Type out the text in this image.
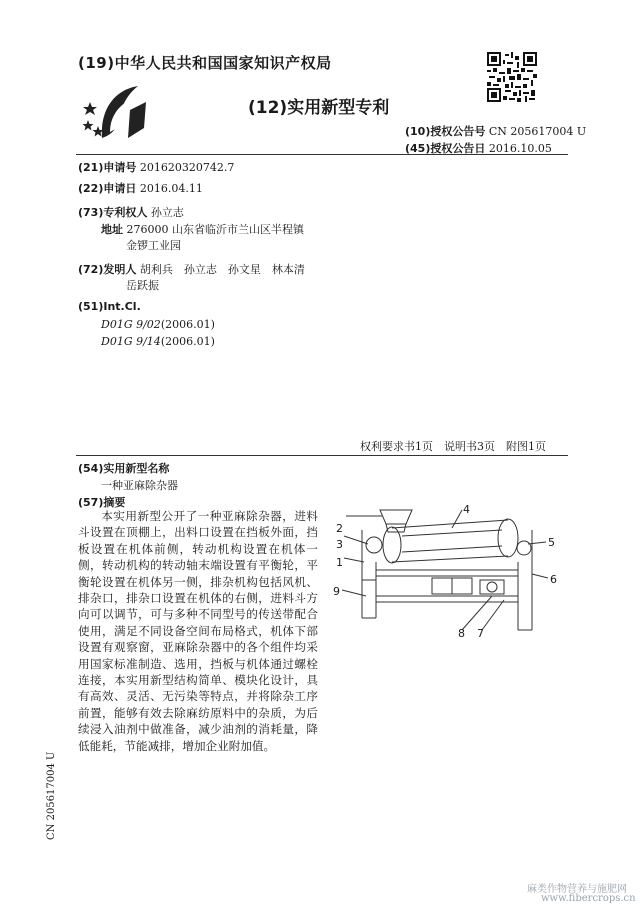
(19)中华人民共和国国家知识产权局
(12)实用新型专利
(10)授权公告号 CN 205617004 U
(45)授权公告日 2016.10.05
(21)申请号 201620320742.7
(22)申请日 2016.04.11
(73)专利权人 孙立志
地址 276000 山东省临沂市兰山区半程镇
金锣工业园
(72)发明人 胡利兵　孙立志　孙文星　林本清
岳跃振
(51)Int.Cl.
D01G 9/02(2006.01)
D01G 9/14(2006.01)
权利要求书1页　说明书3页　附图1页
(54)实用新型名称
一种亚麻除杂器
(57)摘要

本实用新型公开了一种亚麻除杂器，进料斗设置在顶棚上，出料口设置在挡板外面，挡板设置在机体前侧，转动机构设置在机体一侧，转动机构的转动轴末端设置有平衡轮，平衡轮设置在机体另一侧，排杂机构包括风机、排杂口，排杂口设置在机体的右侧，进料斗方向可以调节，可与多种不同型号的传送带配合使用，满足不同设备空间布局格式，机体下部设置有观察窗，亚麻除杂器中的各个组件均采用国家标准制造、选用，挡板与机体通过螺栓连接，本实用新型结构简单、模块化设计，具有高效、灵活、无污染等特点，并将除杂工序前置，能够有效去除麻纺原料中的杂质，为后续浸入油剂中做准备，减少油剂的消耗量，降低能耗，节能减排，增加企业附加值。

2
3
4
1
5
6
9
8 7
CN 205617004 U
麻类作物营养与施肥网
www.fibercrops.cn
